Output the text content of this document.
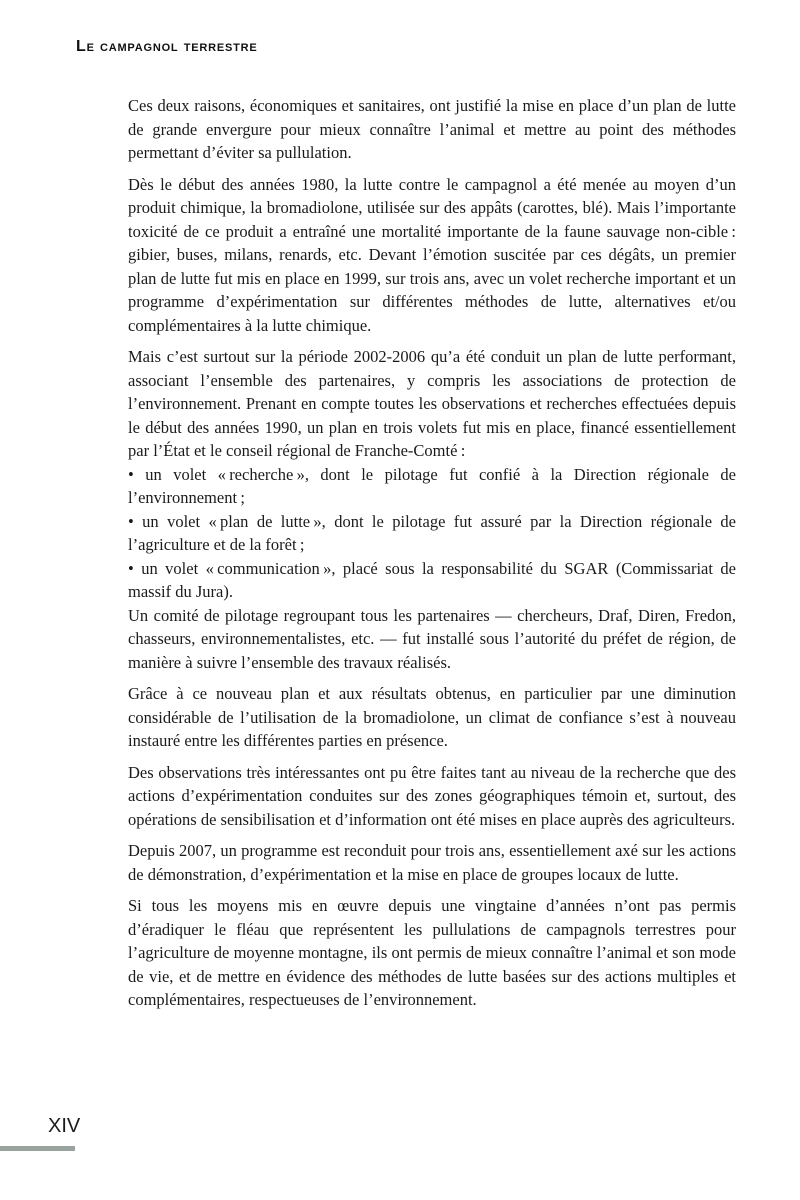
Le campagnol terrestre

Ces deux raisons, économiques et sanitaires, ont justifié la mise en place d’un plan de lutte de grande envergure pour mieux connaître l’animal et mettre au point des méthodes permettant d’éviter sa pullulation.

Dès le début des années 1980, la lutte contre le campagnol a été menée au moyen d’un produit chimique, la bromadiolone, utilisée sur des appâts (carottes, blé). Mais l’importante toxicité de ce produit a entraîné une mortalité importante de la faune sauvage non-cible : gibier, buses, milans, renards, etc. Devant l’émotion suscitée par ces dégâts, un premier plan de lutte fut mis en place en 1999, sur trois ans, avec un volet recherche important et un programme d’expérimentation sur différentes méthodes de lutte, alternatives et/ou complémentaires à la lutte chimique.

Mais c’est surtout sur la période 2002-2006 qu’a été conduit un plan de lutte performant, associant l’ensemble des partenaires, y compris les associations de protection de l’environnement. Prenant en compte toutes les observations et recherches effectuées depuis le début des années 1990, un plan en trois volets fut mis en place, financé essentiellement par l’État et le conseil régional de Franche-Comté :

• un volet « recherche », dont le pilotage fut confié à la Direction régionale de l’environnement ;

• un volet « plan de lutte », dont le pilotage fut assuré par la Direction régionale de l’agriculture et de la forêt ;

• un volet « communication », placé sous la responsabilité du SGAR (Commissariat de massif du Jura).

Un comité de pilotage regroupant tous les partenaires — chercheurs, Draf, Diren, Fredon, chasseurs, environnementalistes, etc. — fut installé sous l’autorité du préfet de région, de manière à suivre l’ensemble des travaux réalisés.

Grâce à ce nouveau plan et aux résultats obtenus, en particulier par une diminution considérable de l’utilisation de la bromadiolone, un climat de confiance s’est à nouveau instauré entre les différentes parties en présence.

Des observations très intéressantes ont pu être faites tant au niveau de la recherche que des actions d’expérimentation conduites sur des zones géographiques témoin et, surtout, des opérations de sensibilisation et d’information ont été mises en place auprès des agriculteurs.

Depuis 2007, un programme est reconduit pour trois ans, essentiellement axé sur les actions de démonstration, d’expérimentation et la mise en place de groupes locaux de lutte.

Si tous les moyens mis en œuvre depuis une vingtaine d’années n’ont pas permis d’éradiquer le fléau que représentent les pullulations de campagnols terrestres pour l’agriculture de moyenne montagne, ils ont permis de mieux connaître l’animal et son mode de vie, et de mettre en évidence des méthodes de lutte basées sur des actions multiples et complémentaires, respectueuses de l’environnement.

XIV
